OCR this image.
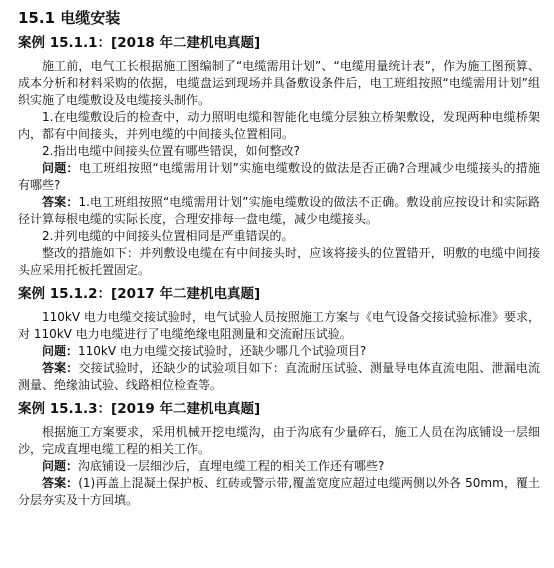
15.1 电缆安装
案例 15.1.1：[2018 年二建机电真题]

施工前，电气工长根据施工图编制了“电缆需用计划”、“电缆用量统计表”，作为施工图预算、成本分析和材料采购的依据，电缆盘运到现场并具备敷设条件后，电工班组按照“电缆需用计划”组织实施了电缆敷设及电缆接头制作。

1.在电缆敷设后的检查中，动力照明电缆和智能化电缆分层独立桥架敷设，发现两种电缆桥架内，都有中间接头，并列电缆的中间接头位置相同。

2.指出电缆中间接头位置有哪些错误，如何整改?

问题：电工班组按照“电缆需用计划”实施电缆敷设的做法是否正确?合理减少电缆接头的措施有哪些?

答案：1.电工班组按照“电缆需用计划”实施电缆敷设的做法不正确。敷设前应按设计和实际路径计算每根电缆的实际长度，合理安排每一盘电缆，减少电缆接头。

2.并列电缆的中间接头位置相同是严重错误的。

整改的措施如下：并列敷设电缆在有中间接头时，应该将接头的位置错开，明敷的电缆中间接头应采用托板托置固定。

案例 15.1.2：[2017 年二建机电真题]

110kV 电力电缆交接试验时，电气试验人员按照施工方案与《电气设备交接试验标准》要求，对 110kV 电力电缆进行了电缆绝缘电阻测量和交流耐压试验。

问题：110kV 电力电缆交接试验时，还缺少哪几个试验项目?

答案：交接试验时，还缺少的试验项目如下：直流耐压试验、测量导电体直流电阻、泄漏电流测量、绝缘油试验、线路相位检查等。

案例 15.1.3：[2019 年二建机电真题]

根据施工方案要求，采用机械开挖电缆沟，由于沟底有少量碎石，施工人员在沟底铺设一层细沙，完成直埋电缆工程的相关工作。

问题：沟底铺设一层细沙后，直埋电缆工程的相关工作还有哪些?

答案：(1)再盖上混凝土保护板、红砖或警示带,覆盖宽度应超过电缆两侧以外各 50mm，覆土分层夯实及十方回填。
